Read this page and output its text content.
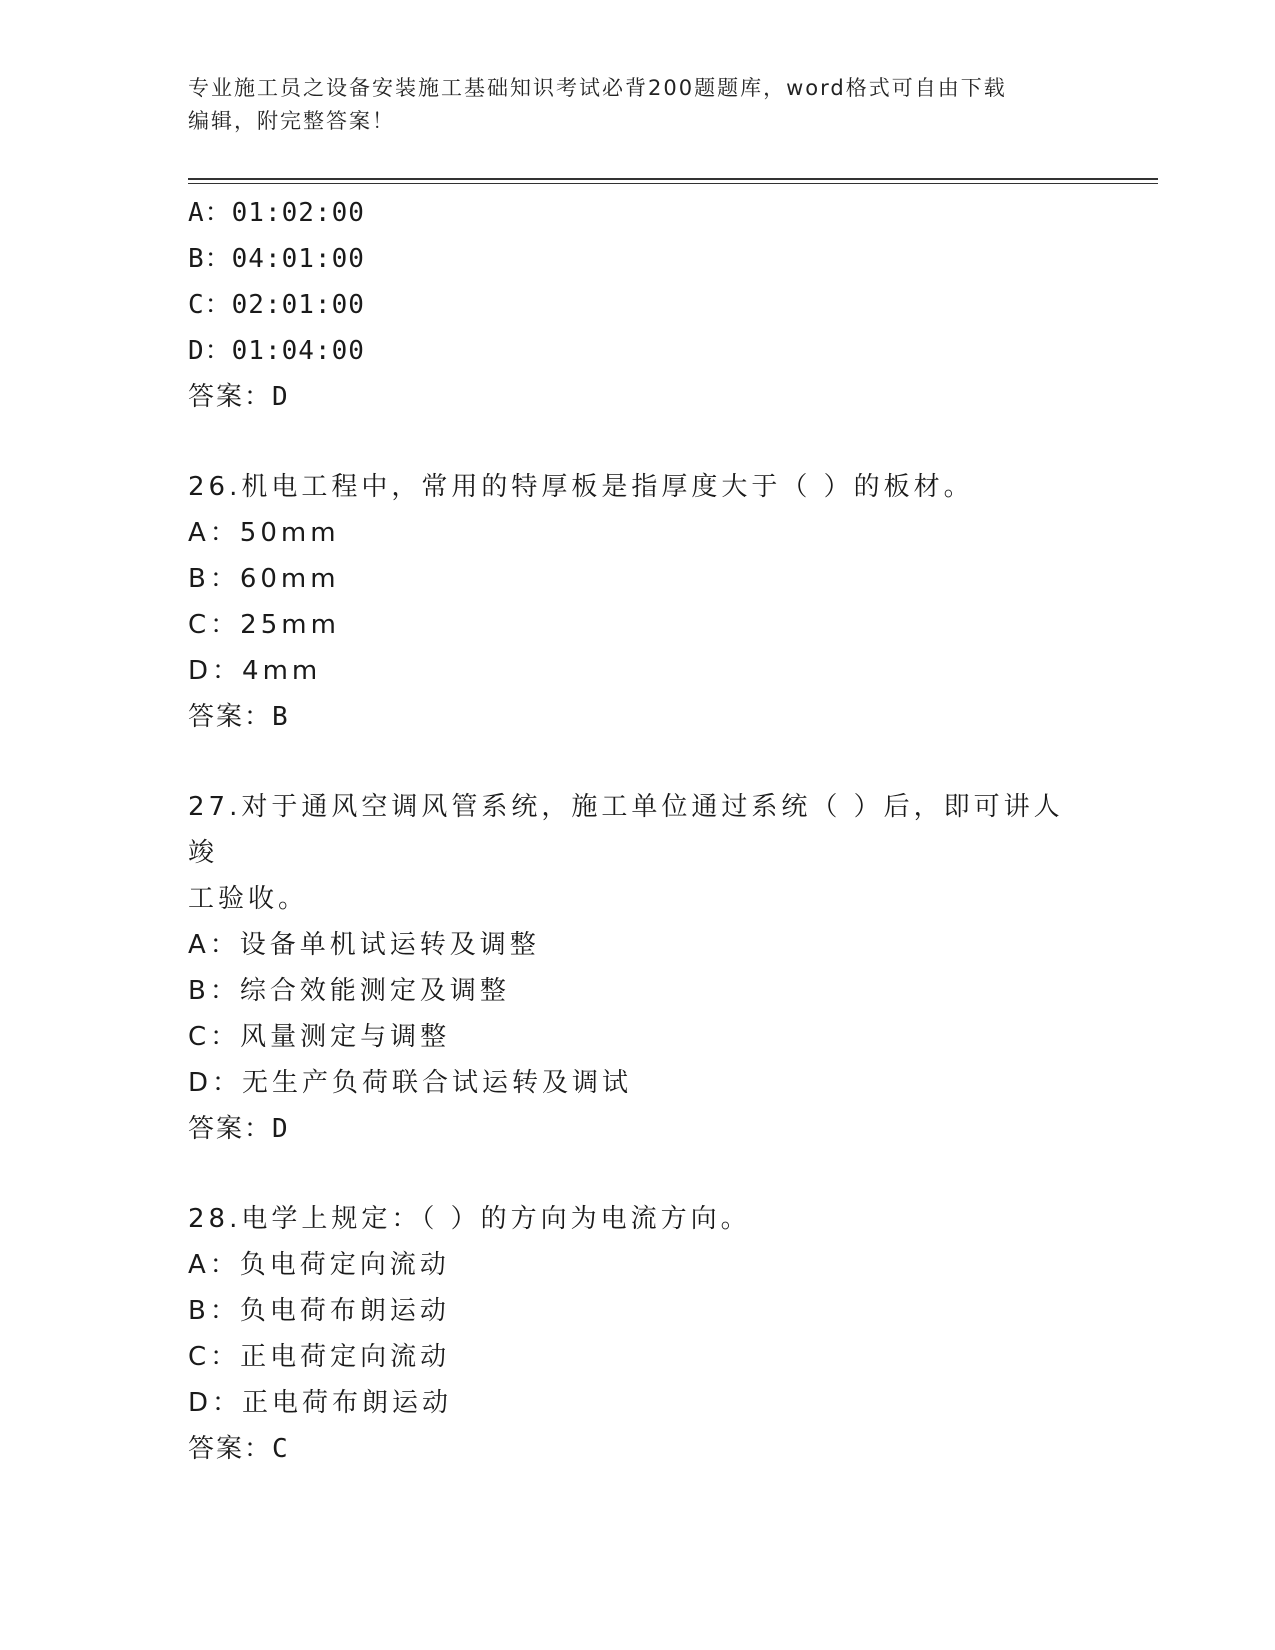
专业施工员之设备安装施工基础知识考试必背200题题库，word格式可自由下载
编辑，附完整答案！
A：01:02:00
B：04:01:00
C：02:01:00
D：01:04:00
答案：D
26.机电工程中，常用的特厚板是指厚度大于（ ）的板材。
A：50mm
B：60mm
C：25mm
D：4mm
答案：B
27.对于通风空调风管系统，施工单位通过系统（ ）后，即可讲人竣
工验收。
A：设备单机试运转及调整
B：综合效能测定及调整
C：风量测定与调整
D：无生产负荷联合试运转及调试
答案：D
28.电学上规定：（ ）的方向为电流方向。
A：负电荷定向流动
B：负电荷布朗运动
C：正电荷定向流动
D：正电荷布朗运动
答案：C
